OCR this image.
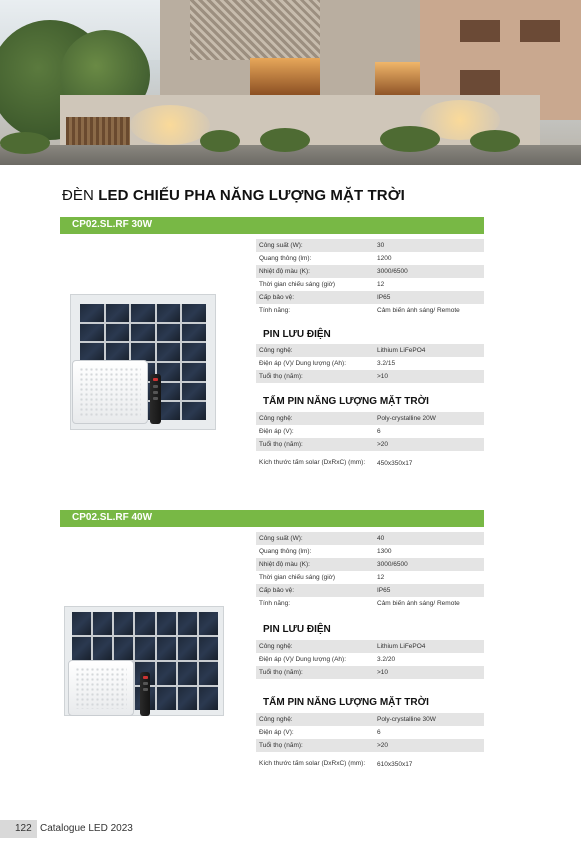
ĐÈN LED CHIẾU PHA NĂNG LƯỢNG MẶT TRỜI
CP02.SL.RF 30W
Công suất (W):	30
Quang thông (lm):	1200
Nhiệt độ màu (K):	3000/6500
Thời gian chiếu sáng (giờ)	12
Cấp bảo vệ:	IP65
Tính năng:	Cảm biến ánh sáng/ Remote
PIN LƯU ĐIỆN
Công nghệ:	Lithium LiFePO4
Điện áp (V)/ Dung lượng (Ah):	3.2/15
Tuổi thọ (năm):	>10
TẤM PIN NĂNG LƯỢNG MẶT TRỜI
Công nghệ:	Poly-crystalline 20W
Điện áp (V):	6
Tuổi thọ (năm):	>20
Kích thước tấm solar (DxRxC) (mm):	450x350x17
CP02.SL.RF 40W
Công suất (W):	40
Quang thông (lm):	1300
Nhiệt độ màu (K):	3000/6500
Thời gian chiếu sáng (giờ)	12
Cấp bảo vệ:	IP65
Tính năng:	Cảm biến ánh sáng/ Remote
PIN LƯU ĐIỆN
Công nghệ:	Lithium LiFePO4
Điện áp (V)/ Dung lượng (Ah):	3.2/20
Tuổi thọ (năm):	>10
TẤM PIN NĂNG LƯỢNG MẶT TRỜI
Công nghệ:	Poly-crystalline 30W
Điện áp (V):	6
Tuổi thọ (năm):	>20
Kích thước tấm solar (DxRxC) (mm):	610x350x17
122 Catalogue LED 2023
